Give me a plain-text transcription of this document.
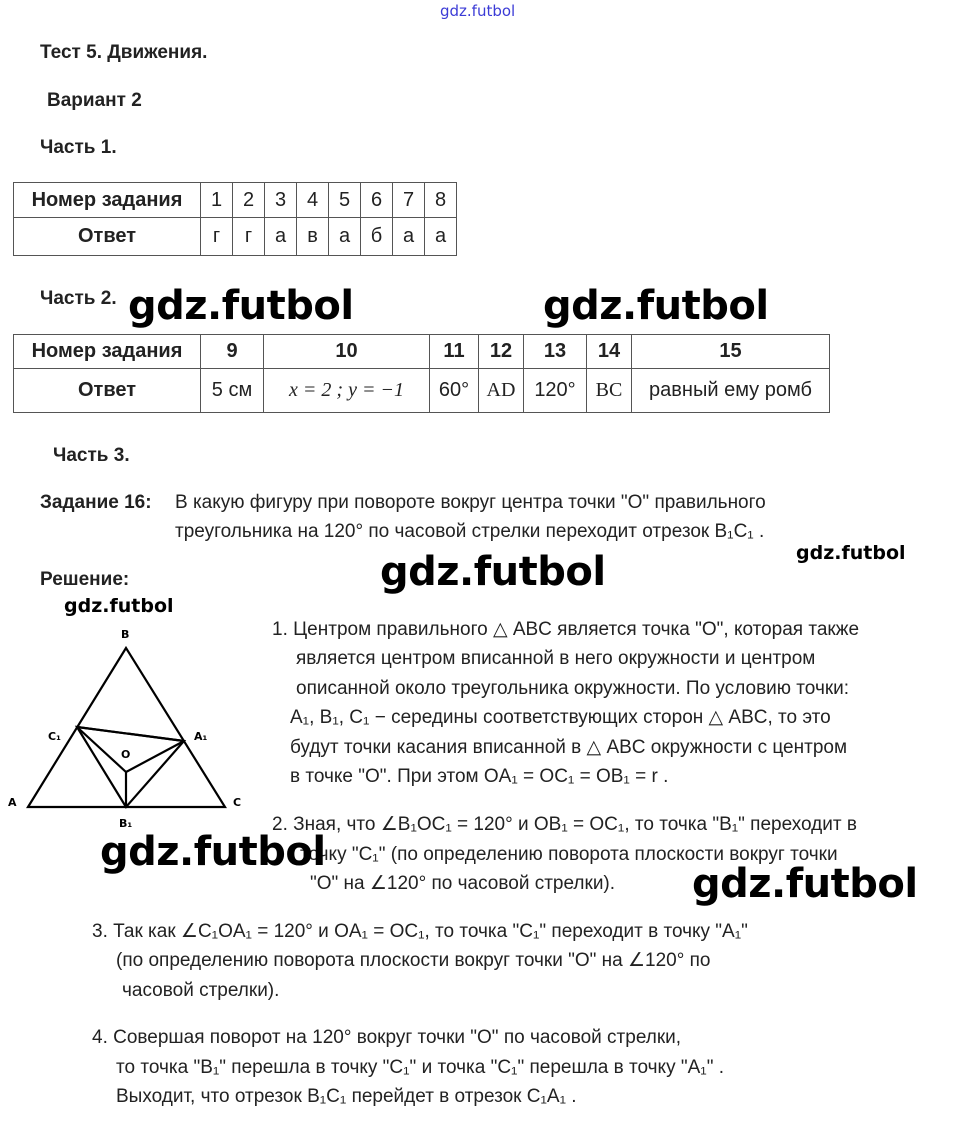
gdz.futbol
gdz.futbol	gdz.futbol
gdz.futbol	gdz.futbol
gdz.futbol
Тест 5. Движения.
Вариант 2
Часть 1.
Номер задания	1	2	3	4	5	6	7	8
Ответ	г	г	а	в	а	б	а	а
Часть 2.
Номер задания	9	10	11	12	13	14	15
Ответ	5 см	x = 2 ; y = −1	60°	AD	120°	BC	равный ему ромб
Часть 3.
Задание 16: В какую фигуру при повороте вокруг центра точки "O" правильного
треугольника на 120° по часовой стрелки переходит отрезок B₁C₁ .
Решение:
B
A	C
C₁	A₁
B₁
O
1. Центром правильного △ ABC является точка "O", которая также
является центром вписанной в него окружности и центром
описанной около треугольника окружности. По условию точки:
A₁, B₁, C₁ − середины соответствующих сторон △ ABC, то это
будут точки касания вписанной в △ ABC окружности с центром
в точке "O". При этом OA₁ = OC₁ = OB₁ = r .
2. Зная, что ∠B₁OC₁ = 120° и OB₁ = OC₁, то точка "B₁" переходит в
точку "C₁" (по определению поворота плоскости вокруг точки
"O" на ∠120° по часовой стрелки).
gdz.futbol
gdz.futbol
3. Так как ∠C₁OA₁ = 120° и OA₁ = OC₁, то точка "C₁" переходит в точку "A₁"
(по определению поворота плоскости вокруг точки "O" на ∠120° по
часовой стрелки).
4. Совершая поворот на 120° вокруг точки "O" по часовой стрелки,
то точка "B₁" перешла в точку "C₁" и точка "C₁" перешла в точку "A₁" .
Выходит, что отрезок B₁C₁ перейдет в отрезок C₁A₁ .
